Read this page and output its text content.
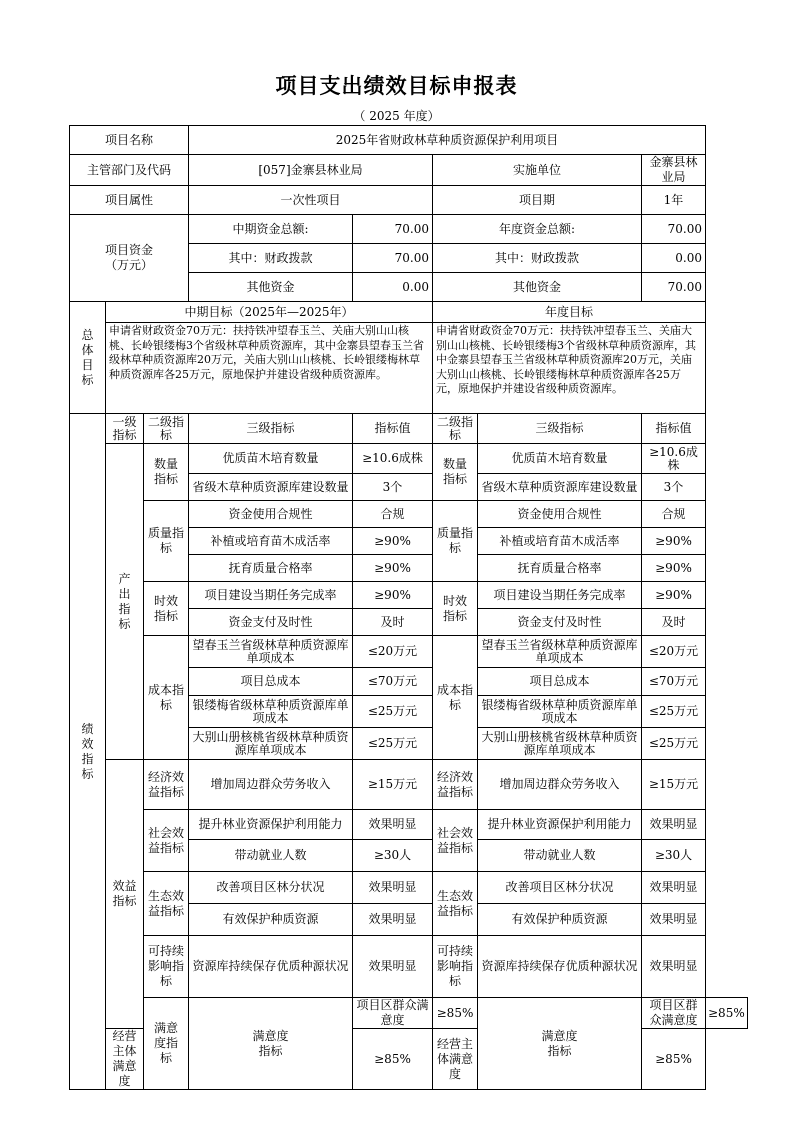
项目支出绩效目标申报表
（ 2025 年度）
项目名称			2025年省财政林草种质资源保护利用项目					
主管部门及代码			[057]金寨县林业局		实施单位		金寨县林业局	
项目属性			一次性项目		项目期		1年	
项目资金
（万元）			中期资金总额:	70.00	年度资金总额:		70.00	
			其中：财政拨款	70.00	其中：财政拨款		0.00	
			其他资金	0.00	其他资金		70.00	
总体目标	中期目标（2025年—2025年）				年度目标			
	申请省财政资金70万元：扶持铁冲望春玉兰、关庙大别山山核桃、长岭银缕梅3个省级林草种质资源库，其中金寨县望春玉兰省级林草种质资源库20万元，关庙大别山山核桃、长岭银缕梅林草种质资源库各25万元，原地保护并建设省级种质资源库。				申请省财政资金70万元：扶持铁冲望春玉兰、关庙大别山山核桃、长岭银缕梅3个省级林草种质资源库，其中金寨县望春玉兰省级林草种质资源库20万元，关庙大别山山核桃、长岭银缕梅林草种质资源库各25万元，原地保护并建设省级种质资源库。			
绩效指标	一级指标	二级指标	三级指标	指标值	二级指标	三级指标	指标值	
	产出指标	数量指标	优质苗木培育数量	≥10.6成株	数量指标	优质苗木培育数量	≥10.6成株	
			省级木草种质资源库建设数量	3个		省级木草种质资源库建设数量	3个	
		质量指标	资金使用合规性	合规	质量指标	资金使用合规性	合规	
			补植或培育苗木成活率	≥90%		补植或培育苗木成活率	≥90%	
			抚育质量合格率	≥90%		抚育质量合格率	≥90%	
		时效指标	项目建设当期任务完成率	≥90%	时效指标	项目建设当期任务完成率	≥90%	
			资金支付及时性	及时		资金支付及时性	及时	
		成本指标	望春玉兰省级林草种质资源库单项成本	≤20万元	成本指标	望春玉兰省级林草种质资源库单项成本	≤20万元	
			项目总成本	≤70万元		项目总成本	≤70万元	
			银缕梅省级林草种质资源库单项成本	≤25万元		银缕梅省级林草种质资源库单项成本	≤25万元	
			大别山册核桃省级林草种质资源库单项成本	≤25万元		大别山册核桃省级林草种质资源库单项成本	≤25万元	
	效益指标	经济效益指标	增加周边群众劳务收入	≥15万元	经济效益指标	增加周边群众劳务收入	≥15万元	
		社会效益指标	提升林业资源保护利用能力	效果明显	社会效益指标	提升林业资源保护利用能力	效果明显	
			带动就业人数	≥30人		带动就业人数	≥30人	
		生态效益指标	改善项目区林分状况	效果明显	生态效益指标	改善项目区林分状况	效果明显	
			有效保护种质资源	效果明显		有效保护种质资源	效果明显	
		可持续影响指标	资源库持续保存优质种源状况	效果明显	可持续影响指标	资源库持续保存优质种源状况	效果明显	
		满意度指标	满意度指标	项目区群众满意度	≥85%	满意度指标	项目区群众满意度	≥85%
	经营主体满意度			≥85%	经营主体满意度		≥85%	
